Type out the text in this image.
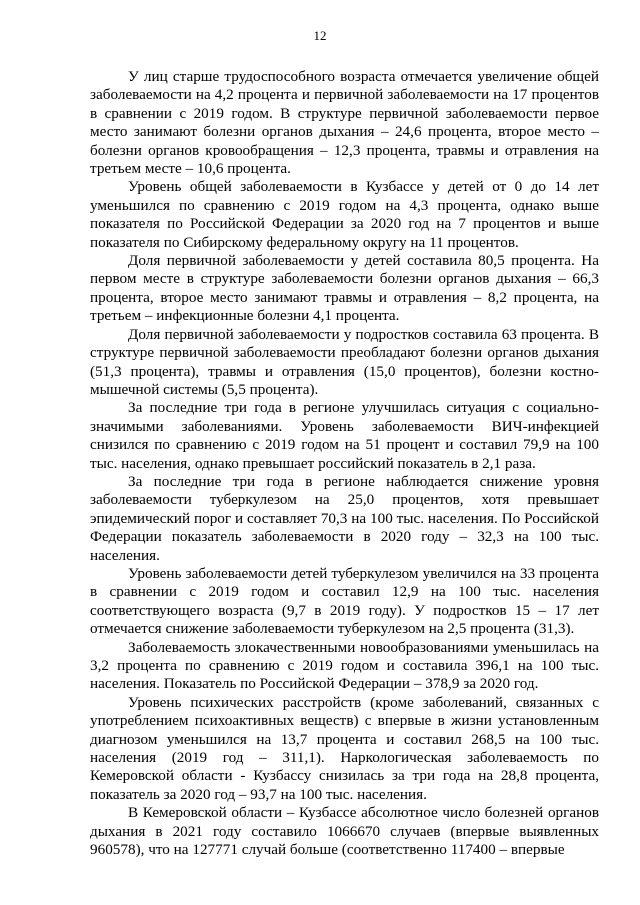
12

У лиц старше трудоспособного возраста отмечается увеличение общей заболеваемости на 4,2 процента и первичной заболеваемости на 17 процентов в сравнении с 2019 годом. В структуре первичной заболеваемости первое место занимают болезни органов дыхания – 24,6 процента, второе место – болезни органов кровообращения – 12,3 процента, травмы и отравления на третьем месте – 10,6 процента.

Уровень общей заболеваемости в Кузбассе у детей от 0 до 14 лет уменьшился по сравнению с 2019 годом на 4,3 процента, однако выше показателя по Российской Федерации за 2020 год на 7 процентов и выше показателя по Сибирскому федеральному округу на 11 процентов.

Доля первичной заболеваемости у детей составила 80,5 процента. На первом месте в структуре заболеваемости болезни органов дыхания – 66,3 процента, второе место занимают травмы и отравления – 8,2 процента, на третьем – инфекционные болезни 4,1 процента.

Доля первичной заболеваемости у подростков составила 63 процента. В структуре первичной заболеваемости преобладают болезни органов дыхания (51,3 процента), травмы и отравления (15,0 процентов), болезни костно-мышечной системы (5,5 процента).

За последние три года в регионе улучшилась ситуация с социально-значимыми заболеваниями. Уровень заболеваемости ВИЧ-инфекцией снизился по сравнению с 2019 годом на 51 процент и составил 79,9 на 100 тыс. населения, однако превышает российский показатель в 2,1 раза.

За последние три года в регионе наблюдается снижение уровня заболеваемости туберкулезом на 25,0 процентов, хотя превышает эпидемический порог и составляет 70,3 на 100 тыс. населения. По Российской Федерации показатель заболеваемости в 2020 году – 32,3 на 100 тыс. населения.

Уровень заболеваемости детей туберкулезом увеличился на 33 процента в сравнении с 2019 годом и составил 12,9 на 100 тыс. населения соответствующего возраста (9,7 в 2019 году). У подростков 15 – 17 лет отмечается снижение заболеваемости туберкулезом на 2,5 процента (31,3).

Заболеваемость злокачественными новообразованиями уменьшилась на 3,2 процента по сравнению с 2019 годом и составила 396,1 на 100 тыс. населения. Показатель по Российской Федерации – 378,9 за 2020 год.

Уровень психических расстройств (кроме заболеваний, связанных с употреблением психоактивных веществ) с впервые в жизни установленным диагнозом уменьшился на 13,7 процента и составил 268,5 на 100 тыс. населения (2019 год – 311,1). Наркологическая заболеваемость по Кемеровской области - Кузбассу снизилась за три года на 28,8 процента, показатель за 2020 год – 93,7 на 100 тыс. населения.

В Кемеровской области – Кузбассе абсолютное число болезней органов дыхания в 2021 году составило 1066670 случаев (впервые выявленных 960578), что на 127771 случай больше (соответственно 117400 – впервые
